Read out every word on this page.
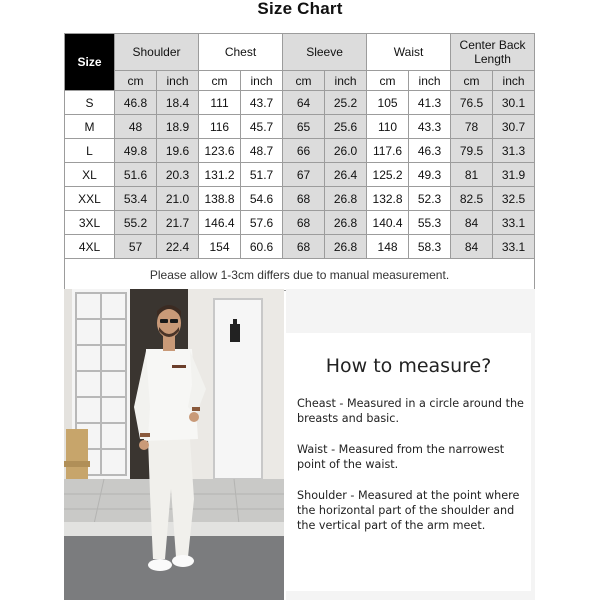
Size Chart
Size	Shoulder		Chest		Sleeve		Waist		Center Back Length	
	cm	inch	cm	inch	cm	inch	cm	inch	cm	inch
S	46.8	18.4	111	43.7	64	25.2	105	41.3	76.5	30.1
M	48	18.9	116	45.7	65	25.6	110	43.3	78	30.7
L	49.8	19.6	123.6	48.7	66	26.0	117.6	46.3	79.5	31.3
XL	51.6	20.3	131.2	51.7	67	26.4	125.2	49.3	81	31.9
XXL	53.4	21.0	138.8	54.6	68	26.8	132.8	52.3	82.5	32.5
3XL	55.2	21.7	146.4	57.6	68	26.8	140.4	55.3	84	33.1
4XL	57	22.4	154	60.6	68	26.8	148	58.3	84	33.1
Please allow 1-3cm differs due to manual measurement.										
How to measure?
Cheast - Measured in a circle around the breasts and basic.
Waist - Measured from the narrowest point of the waist.
Shoulder - Measured at the point where the horizontal part of the shoulder and the vertical part of the arm meet.
